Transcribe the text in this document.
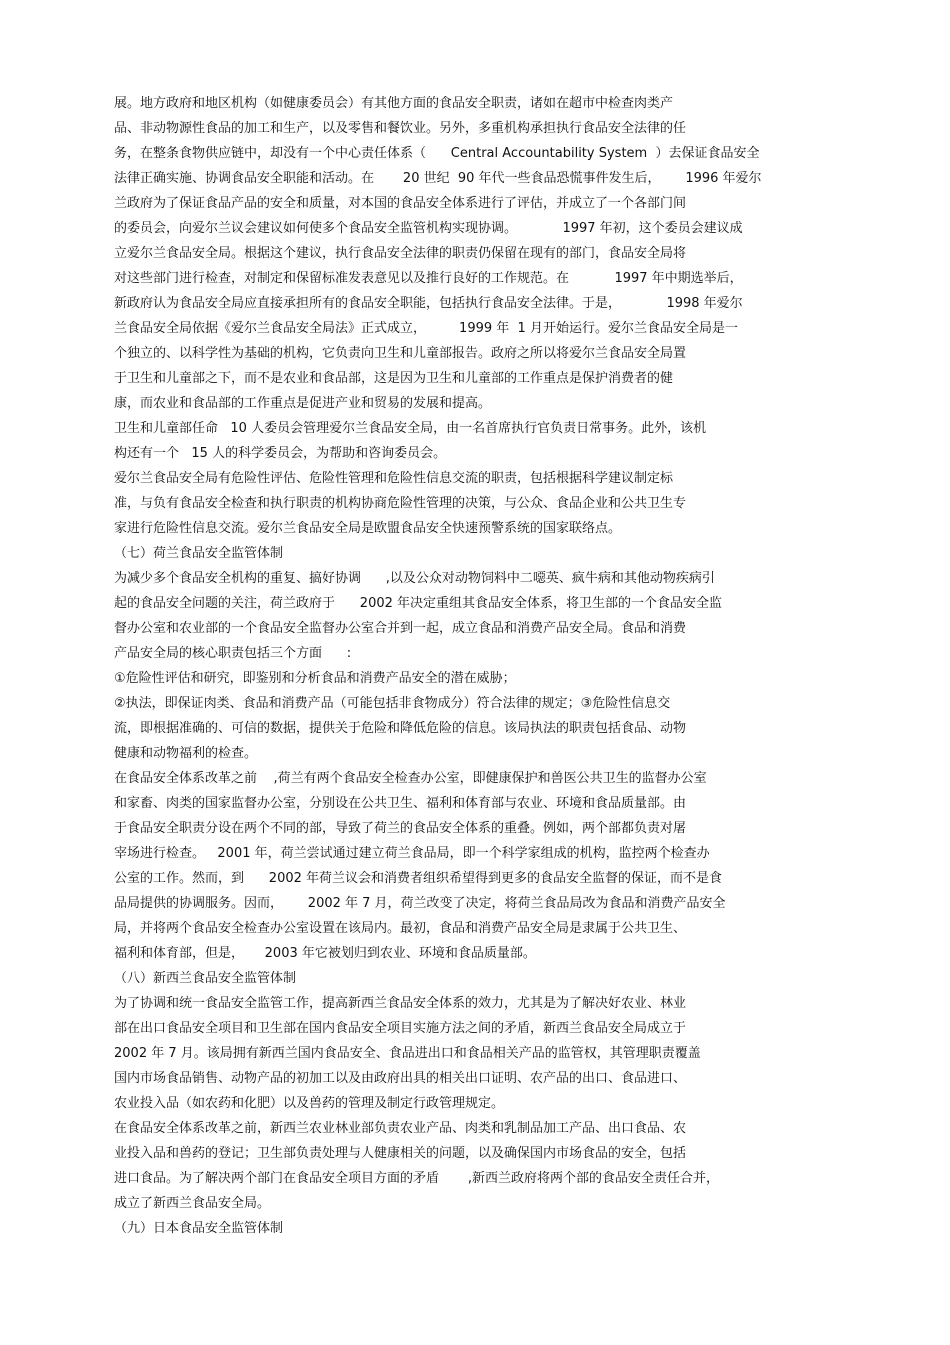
展。地方政府和地区机构（如健康委员会）有其他方面的食品安全职责，诸如在超市中检查肉类产
品、非动物源性食品的加工和生产，以及零售和餐饮业。另外，多重机构承担执行食品安全法律的任
务，在整条食物供应链中，却没有一个中心责任体系（      Central Accountability System  ）去保证食品安全
法律正确实施、协调食品安全职能和活动。在       20 世纪  90 年代一些食品恐慌事件发生后，      1996 年爱尔
兰政府为了保证食品产品的安全和质量，对本国的食品安全体系进行了评估，并成立了一个各部门间
的委员会，向爱尔兰议会建议如何使多个食品安全监管机构实现协调。           1997 年初，这个委员会建议成
立爱尔兰食品安全局。根据这个建议，执行食品安全法律的职责仍保留在现有的部门，食品安全局将
对这些部门进行检查，对制定和保留标准发表意见以及推行良好的工作规范。在           1997 年中期选举后，
新政府认为食品安全局应直接承担所有的食品安全职能，包括执行食品安全法律。于是，           1998 年爱尔
兰食品安全局依据《爱尔兰食品安全局法》正式成立，        1999 年  1 月开始运行。爱尔兰食品安全局是一
个独立的、以科学性为基础的机构，它负责向卫生和儿童部报告。政府之所以将爱尔兰食品安全局置
于卫生和儿童部之下，而不是农业和食品部，这是因为卫生和儿童部的工作重点是保护消费者的健
康，而农业和食品部的工作重点是促进产业和贸易的发展和提高。
卫生和儿童部任命   10 人委员会管理爱尔兰食品安全局，由一名首席执行官负责日常事务。此外，该机
构还有一个   15 人的科学委员会，为帮助和咨询委员会。
爱尔兰食品安全局有危险性评估、危险性管理和危险性信息交流的职责，包括根据科学建议制定标
准，与负有食品安全检查和执行职责的机构协商危险性管理的决策，与公众、食品企业和公共卫生专
家进行危险性信息交流。爱尔兰食品安全局是欧盟食品安全快速预警系统的国家联络点。
（七）荷兰食品安全监管体制
为减少多个食品安全机构的重复、搞好协调      ,以及公众对动物饲料中二噁英、疯牛病和其他动物疾病引
起的食品安全问题的关注，荷兰政府于      2002 年决定重组其食品安全体系，将卫生部的一个食品安全监
督办公室和农业部的一个食品安全监督办公室合并到一起，成立食品和消费产品安全局。食品和消费
产品安全局的核心职责包括三个方面      :
①危险性评估和研究，即鉴别和分析食品和消费产品安全的潜在威胁；
②执法，即保证肉类、食品和消费产品（可能包括非食物成分）符合法律的规定；③危险性信息交
流，即根据准确的、可信的数据，提供关于危险和降低危险的信息。该局执法的职责包括食品、动物
健康和动物福利的检查。
在食品安全体系改革之前    ,荷兰有两个食品安全检查办公室，即健康保护和兽医公共卫生的监督办公室
和家畜、肉类的国家监督办公室，分别设在公共卫生、福利和体育部与农业、环境和食品质量部。由
于食品安全职责分设在两个不同的部，导致了荷兰的食品安全体系的重叠。例如，两个部都负责对屠
宰场进行检查。   2001 年，荷兰尝试通过建立荷兰食品局，即一个科学家组成的机构，监控两个检查办
公室的工作。然而，到      2002 年荷兰议会和消费者组织希望得到更多的食品安全监督的保证，而不是食
品局提供的协调服务。因而，      2002 年 7 月，荷兰改变了决定，将荷兰食品局改为食品和消费产品安全
局，并将两个食品安全检查办公室设置在该局内。最初，食品和消费产品安全局是隶属于公共卫生、
福利和体育部，但是，     2003 年它被划归到农业、环境和食品质量部。
（八）新西兰食品安全监管体制
为了协调和统一食品安全监管工作，提高新西兰食品安全体系的效力，尤其是为了解决好农业、林业
部在出口食品安全项目和卫生部在国内食品安全项目实施方法之间的矛盾，新西兰食品安全局成立于
2002 年 7 月。该局拥有新西兰国内食品安全、食品进出口和食品相关产品的监管权，其管理职责覆盖
国内市场食品销售、动物产品的初加工以及由政府出具的相关出口证明、农产品的出口、食品进口、
农业投入品（如农药和化肥）以及兽药的管理及制定行政管理规定。
在食品安全体系改革之前，新西兰农业林业部负责农业产品、肉类和乳制品加工产品、出口食品、农
业投入品和兽药的登记；卫生部负责处理与人健康相关的问题，以及确保国内市场食品的安全，包括
进口食品。为了解决两个部门在食品安全项目方面的矛盾       ,新西兰政府将两个部的食品安全责任合并，
成立了新西兰食品安全局。
（九）日本食品安全监管体制
